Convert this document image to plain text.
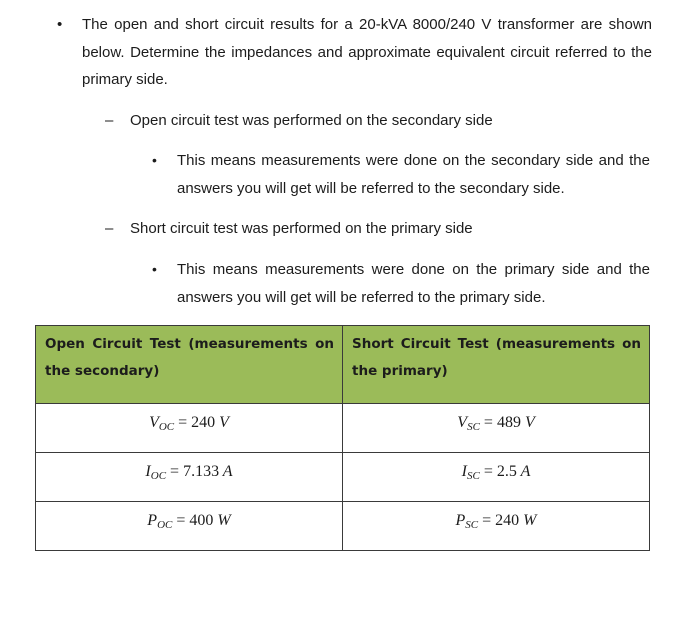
• The open and short circuit results for a 20-kVA 8000/240 V transformer are shown below. Determine the impedances and approximate equivalent circuit referred to the primary side.
– Open circuit test was performed on the secondary side
• This means measurements were done on the secondary side and the answers you will get will be referred to the secondary side.
– Short circuit test was performed on the primary side
• This means measurements were done on the primary side and the answers you will get will be referred to the primary side.
Open Circuit Test (measurements on the secondary)	Short Circuit Test (measurements on the primary)
$V_{OC} = 240$ V	$V_{SC} = 489$ V
$I_{OC} = 7.133$ A	$I_{SC} = 2.5$ A
$P_{OC} = 400$ W	$P_{SC} = 240$ W
